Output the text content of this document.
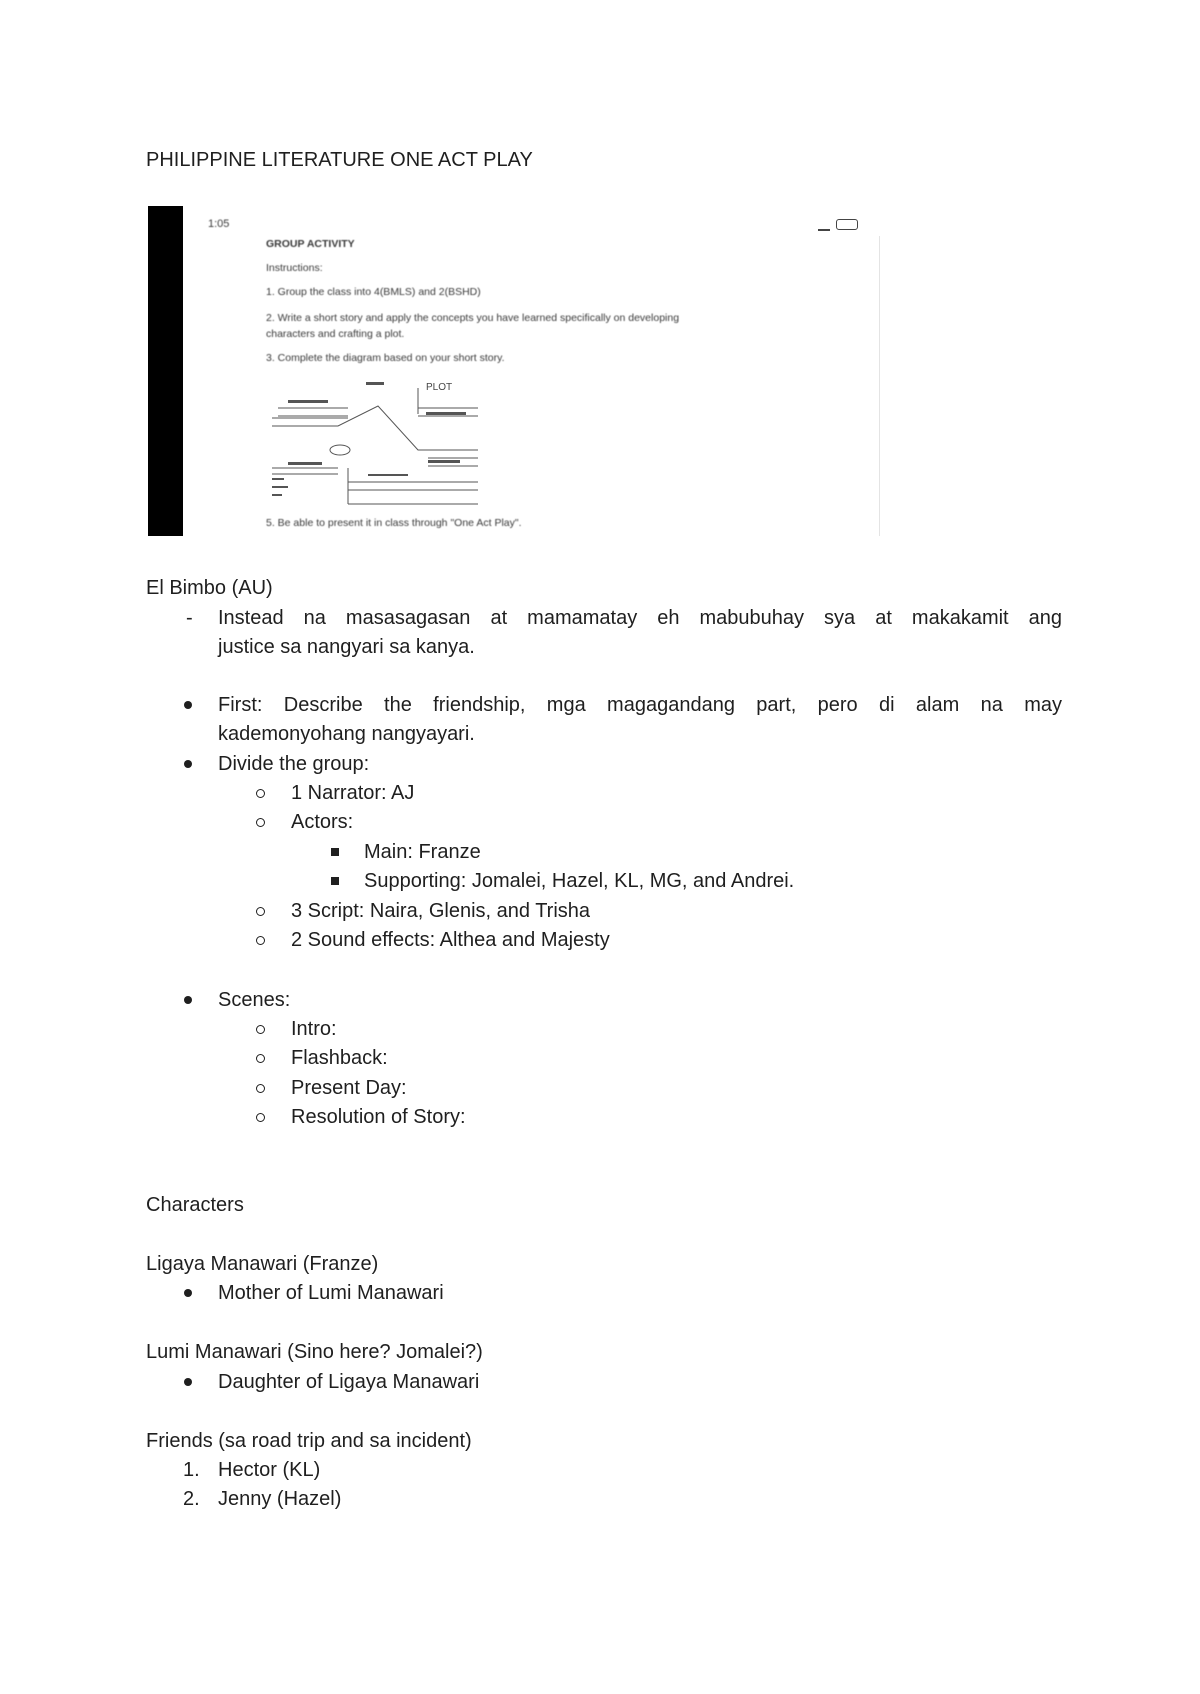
PHILIPPINE LITERATURE ONE ACT PLAY
1:05
GROUP ACTIVITY
Instructions:
1. Group the class into 4(BMLS) and 2(BSHD)
2. Write a short story and apply the concepts you have learned specifically on developing
characters and crafting a plot.
3. Complete the diagram based on your short story.
PLOT
5. Be able to present it in class through "One Act Play".
El Bimbo (AU)
- Instead na masasagasan at mamamatay eh mabubuhay sya at makakamit ang
justice sa nangyari sa kanya.
First: Describe the friendship, mga magagandang part, pero di alam na may
kademonyohang nangyayari.
Divide the group:
1 Narrator: AJ
Actors:
Main: Franze
Supporting: Jomalei, Hazel, KL, MG, and Andrei.
3 Script: Naira, Glenis, and Trisha
2 Sound effects: Althea and Majesty
Scenes:
Intro:
Flashback:
Present Day:
Resolution of Story:
Characters
Ligaya Manawari (Franze)
Mother of Lumi Manawari
Lumi Manawari (Sino here? Jomalei?)
Daughter of Ligaya Manawari
Friends (sa road trip and sa incident)
1. Hector (KL)
2. Jenny (Hazel)
